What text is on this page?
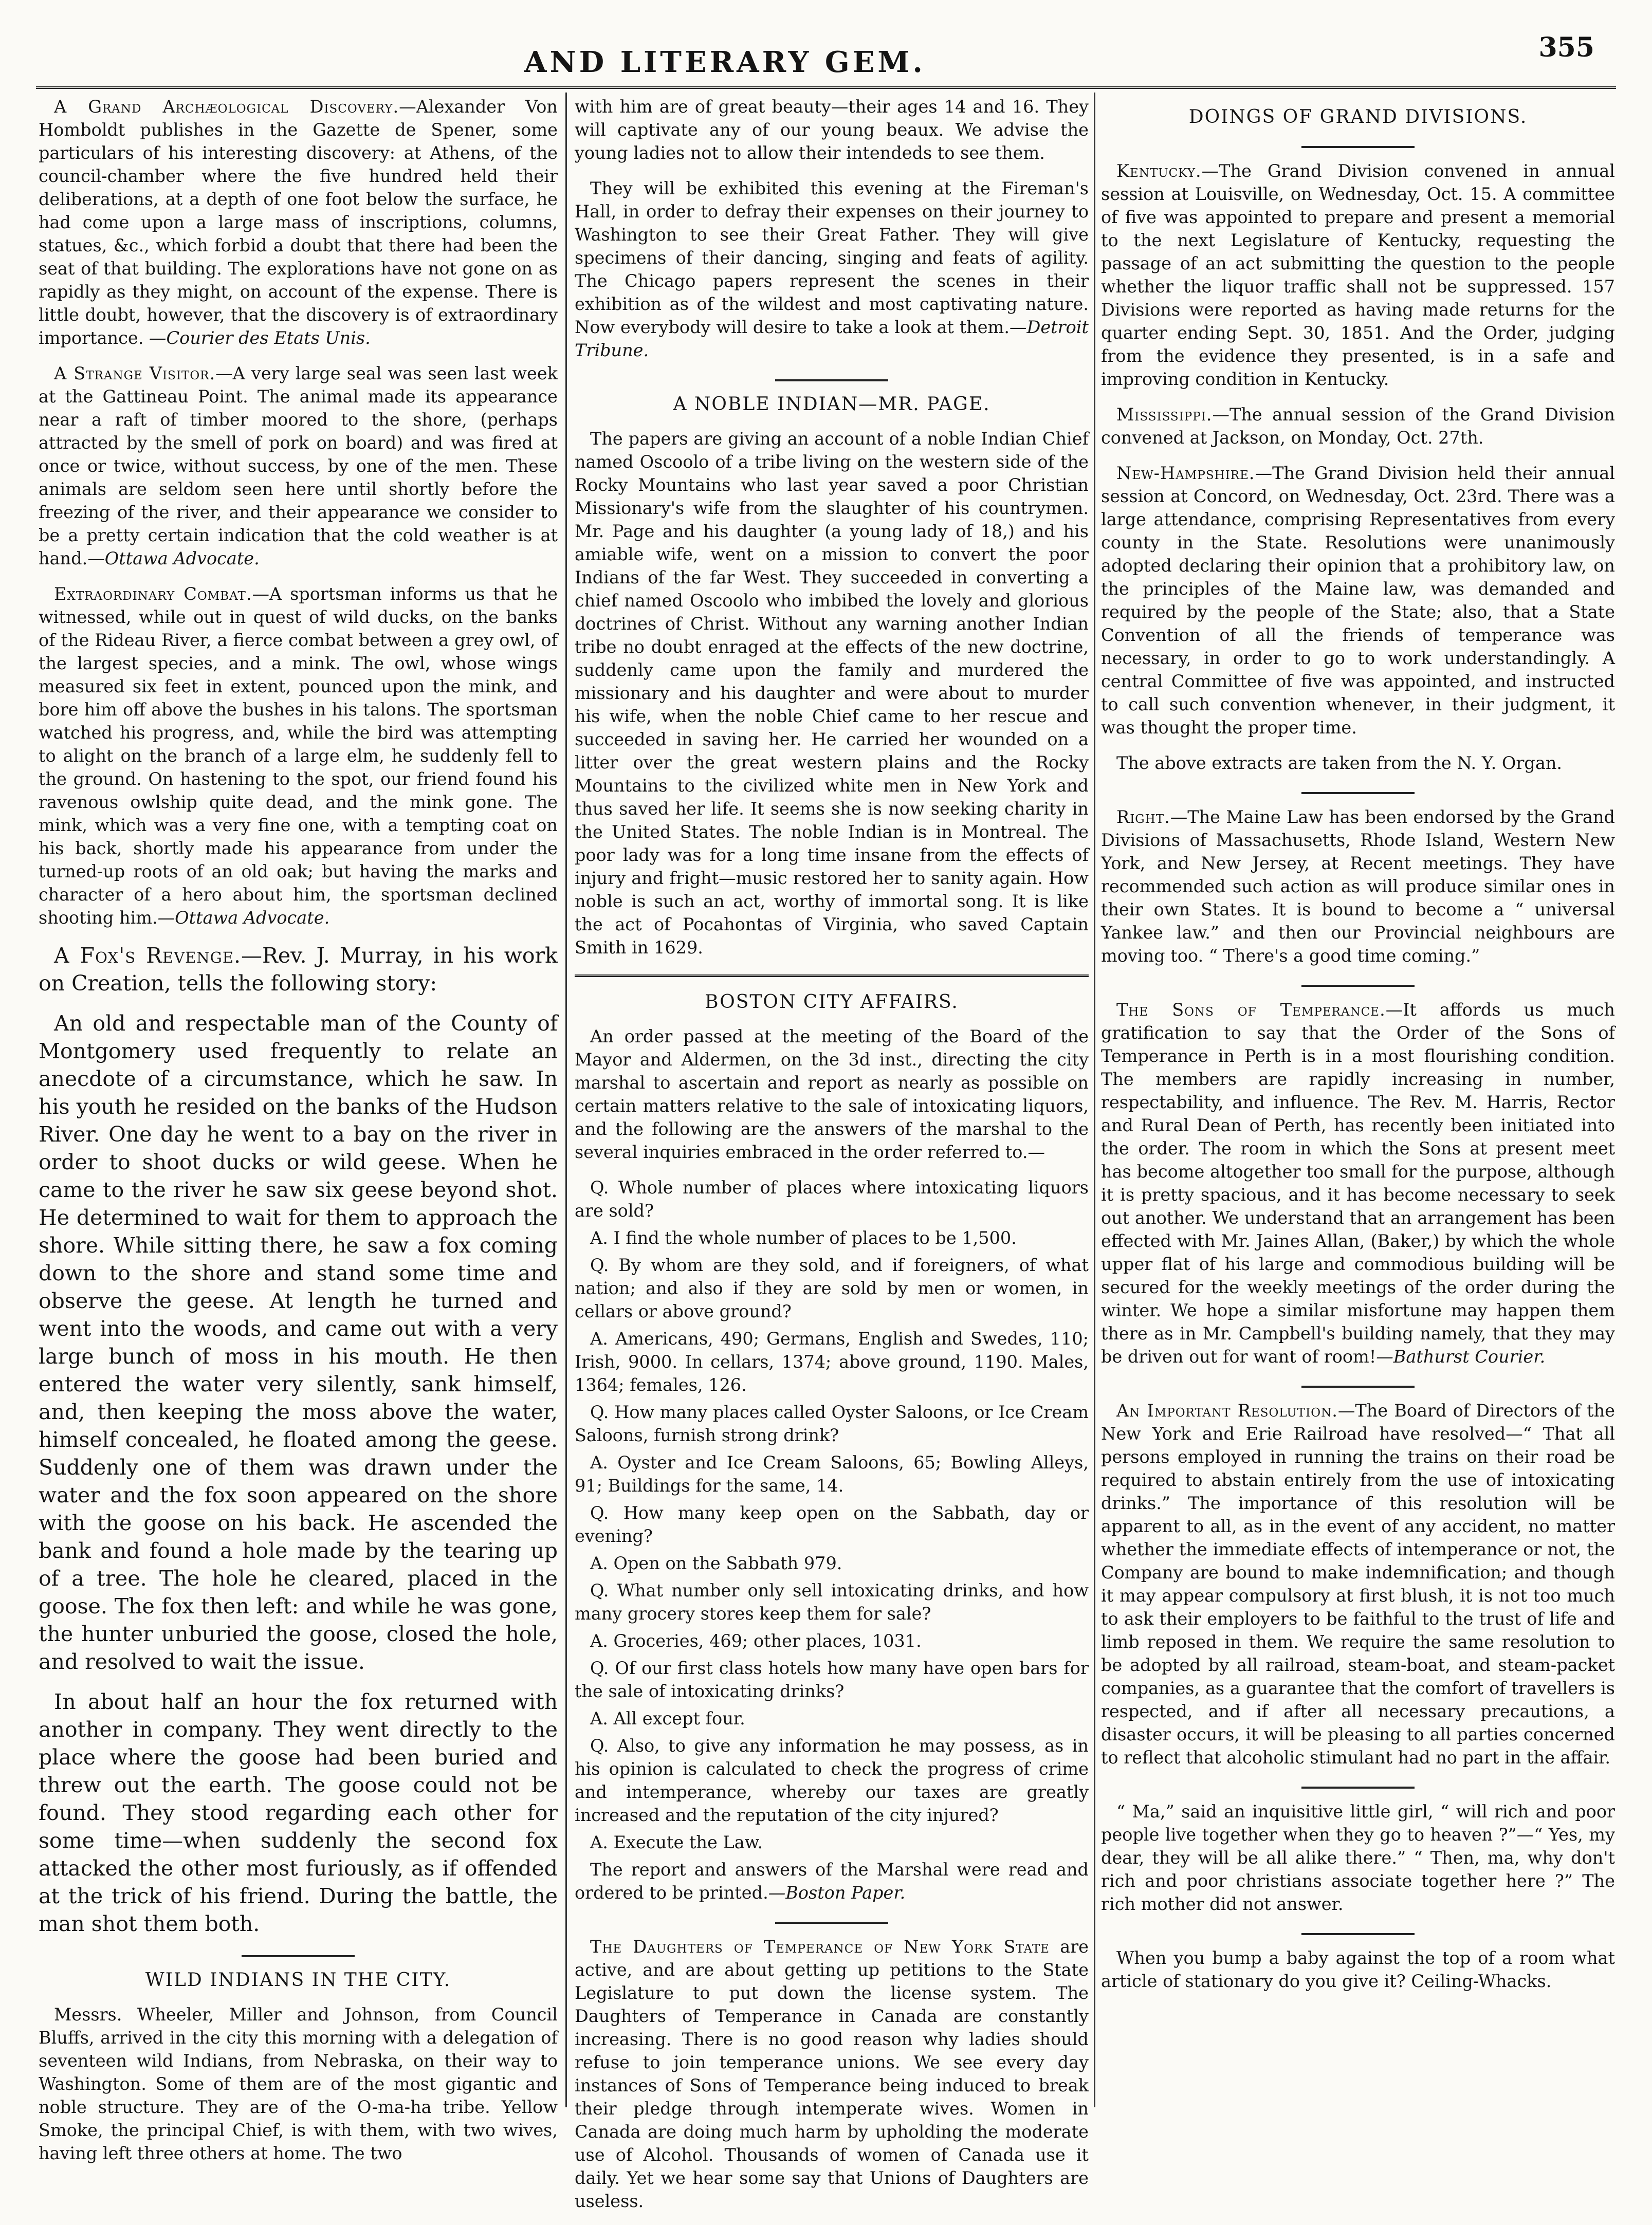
AND LITERARY GEM.	355

A Grand Archæological Discovery.—Alexander Von Homboldt publishes in the Gazette de Spener, some particulars of his interesting discovery: at Athens, of the council-chamber where the five hundred held their deliberations, at a depth of one foot below the surface, he had come upon a large mass of inscriptions, columns, statues, &c., which forbid a doubt that there had been the seat of that building. The explorations have not gone on as rapidly as they might, on account of the expense. There is little doubt, however, that the discovery is of extraordinary importance. —Courier des Etats Unis.

A Strange Visitor.—A very large seal was seen last week at the Gattineau Point. The animal made its appearance near a raft of timber moored to the shore, (perhaps attracted by the smell of pork on board) and was fired at once or twice, without success, by one of the men. These animals are seldom seen here until shortly before the freezing of the river, and their appearance we consider to be a pretty certain indication that the cold weather is at hand.—Ottawa Advocate.

Extraordinary Combat.—A sportsman informs us that he witnessed, while out in quest of wild ducks, on the banks of the Rideau River, a fierce combat between a grey owl, of the largest species, and a mink. The owl, whose wings measured six feet in extent, pounced upon the mink, and bore him off above the bushes in his talons. The sportsman watched his progress, and, while the bird was attempting to alight on the branch of a large elm, he suddenly fell to the ground. On hastening to the spot, our friend found his ravenous owlship quite dead, and the mink gone. The mink, which was a very fine one, with a tempting coat on his back, shortly made his appearance from under the turned-up roots of an old oak; but having the marks and character of a hero about him, the sportsman declined shooting him.—Ottawa Advocate.

A Fox's Revenge.—Rev. J. Murray, in his work on Creation, tells the following story:

An old and respectable man of the County of Montgomery used frequently to relate an anecdote of a circumstance, which he saw. In his youth he resided on the banks of the Hudson River. One day he went to a bay on the river in order to shoot ducks or wild geese. When he came to the river he saw six geese beyond shot. He determined to wait for them to approach the shore. While sitting there, he saw a fox coming down to the shore and stand some time and observe the geese. At length he turned and went into the woods, and came out with a very large bunch of moss in his mouth. He then entered the water very silently, sank himself, and, then keeping the moss above the water, himself concealed, he floated among the geese. Suddenly one of them was drawn under the water and the fox soon appeared on the shore with the goose on his back. He ascended the bank and found a hole made by the tearing up of a tree. The hole he cleared, placed in the goose. The fox then left: and while he was gone, the hunter unburied the goose, closed the hole, and resolved to wait the issue.

In about half an hour the fox returned with another in company. They went directly to the place where the goose had been buried and threw out the earth. The goose could not be found. They stood regarding each other for some time—when suddenly the second fox attacked the other most furiously, as if offended at the trick of his friend. During the battle, the man shot them both.

WILD INDIANS IN THE CITY.

Messrs. Wheeler, Miller and Johnson, from Council Bluffs, arrived in the city this morning with a delegation of seventeen wild Indians, from Nebraska, on their way to Washington. Some of them are of the most gigantic and noble structure. They are of the O-ma-ha tribe. Yellow Smoke, the principal Chief, is with them, with two wives, having left three others at home. The two

with him are of great beauty—their ages 14 and 16. They will captivate any of our young beaux. We advise the young ladies not to allow their intendeds to see them.

They will be exhibited this evening at the Fireman's Hall, in order to defray their expenses on their journey to Washington to see their Great Father. They will give specimens of their dancing, singing and feats of agility. The Chicago papers represent the scenes in their exhibition as of the wildest and most captivating nature. Now everybody will desire to take a look at them.—Detroit Tribune.

A NOBLE INDIAN—MR. PAGE.

The papers are giving an account of a noble Indian Chief named Oscoolo of a tribe living on the western side of the Rocky Mountains who last year saved a poor Christian Missionary's wife from the slaughter of his countrymen. Mr. Page and his daughter (a young lady of 18,) and his amiable wife, went on a mission to convert the poor Indians of the far West. They succeeded in converting a chief named Oscoolo who imbibed the lovely and glorious doctrines of Christ. Without any warning another Indian tribe no doubt enraged at the effects of the new doctrine, suddenly came upon the family and murdered the missionary and his daughter and were about to murder his wife, when the noble Chief came to her rescue and succeeded in saving her. He carried her wounded on a litter over the great western plains and the Rocky Mountains to the civilized white men in New York and thus saved her life. It seems she is now seeking charity in the United States. The noble Indian is in Montreal. The poor lady was for a long time insane from the effects of injury and fright—music restored her to sanity again. How noble is such an act, worthy of immortal song. It is like the act of Pocahontas of Virginia, who saved Captain Smith in 1629.

BOSTON CITY AFFAIRS.

An order passed at the meeting of the Board of the Mayor and Aldermen, on the 3d inst., directing the city marshal to ascertain and report as nearly as possible on certain matters relative to the sale of intoxicating liquors, and the following are the answers of the marshal to the several inquiries embraced in the order referred to.—

Q. Whole number of places where intoxicating liquors are sold?

A. I find the whole number of places to be 1,500.

Q. By whom are they sold, and if foreigners, of what nation; and also if they are sold by men or women, in cellars or above ground?

A. Americans, 490; Germans, English and Swedes, 110; Irish, 9000. In cellars, 1374; above ground, 1190. Males, 1364; females, 126.

Q. How many places called Oyster Saloons, or Ice Cream Saloons, furnish strong drink?

A. Oyster and Ice Cream Saloons, 65; Bowling Alleys, 91; Buildings for the same, 14.

Q. How many keep open on the Sabbath, day or evening?

A. Open on the Sabbath 979.

Q. What number only sell intoxicating drinks, and how many grocery stores keep them for sale?

A. Groceries, 469; other places, 1031.

Q. Of our first class hotels how many have open bars for the sale of intoxicating drinks?

A. All except four.

Q. Also, to give any information he may possess, as in his opinion is calculated to check the progress of crime and intemperance, whereby our taxes are greatly increased and the reputation of the city injured?

A. Execute the Law.

The report and answers of the Marshal were read and ordered to be printed.—Boston Paper.

The Daughters of Temperance of New York State are active, and are about getting up petitions to the State Legislature to put down the license system. The Daughters of Temperance in Canada are constantly increasing. There is no good reason why ladies should refuse to join temperance unions. We see every day instances of Sons of Temperance being induced to break their pledge through intemperate wives. Women in Canada are doing much harm by upholding the moderate use of Alcohol. Thousands of women of Canada use it daily. Yet we hear some say that Unions of Daughters are useless.

DOINGS OF GRAND DIVISIONS.

Kentucky.—The Grand Division convened in annual session at Louisville, on Wednesday, Oct. 15. A committee of five was appointed to prepare and present a memorial to the next Legislature of Kentucky, requesting the passage of an act submitting the question to the people whether the liquor traffic shall not be suppressed. 157 Divisions were reported as having made returns for the quarter ending Sept. 30, 1851. And the Order, judging from the evidence they presented, is in a safe and improving condition in Kentucky.

Mississippi.—The annual session of the Grand Division convened at Jackson, on Monday, Oct. 27th.

New-Hampshire.—The Grand Division held their annual session at Concord, on Wednesday, Oct. 23rd. There was a large attendance, comprising Representatives from every county in the State. Resolutions were unanimously adopted declaring their opinion that a prohibitory law, on the principles of the Maine law, was demanded and required by the people of the State; also, that a State Convention of all the friends of temperance was necessary, in order to go to work understandingly. A central Committee of five was appointed, and instructed to call such convention whenever, in their judgment, it was thought the proper time.

The above extracts are taken from the N. Y. Organ.

Right.—The Maine Law has been endorsed by the Grand Divisions of Massachusetts, Rhode Island, Western New York, and New Jersey, at Recent meetings. They have recommended such action as will produce similar ones in their own States. It is bound to become a “ universal Yankee law.” and then our Provincial neighbours are moving too. “ There's a good time coming.”

The Sons of Temperance.—It affords us much gratification to say that the Order of the Sons of Temperance in Perth is in a most flourishing condition. The members are rapidly increasing in number, respectability, and influence. The Rev. M. Harris, Rector and Rural Dean of Perth, has recently been initiated into the order. The room in which the Sons at present meet has become altogether too small for the purpose, although it is pretty spacious, and it has become necessary to seek out another. We understand that an arrangement has been effected with Mr. Jaines Allan, (Baker,) by which the whole upper flat of his large and commodious building will be secured for the weekly meetings of the order during the winter. We hope a similar misfortune may happen them there as in Mr. Campbell's building namely, that they may be driven out for want of room!—Bathurst Courier.

An Important Resolution.—The Board of Directors of the New York and Erie Railroad have resolved—“ That all persons employed in running the trains on their road be required to abstain entirely from the use of intoxicating drinks.” The importance of this resolution will be apparent to all, as in the event of any accident, no matter whether the immediate effects of intemperance or not, the Company are bound to make indemnification; and though it may appear compulsory at first blush, it is not too much to ask their employers to be faithful to the trust of life and limb reposed in them. We require the same resolution to be adopted by all railroad, steam-boat, and steam-packet companies, as a guarantee that the comfort of travellers is respected, and if after all necessary precautions, a disaster occurs, it will be pleasing to all parties concerned to reflect that alcoholic stimulant had no part in the affair.

“ Ma,” said an inquisitive little girl, “ will rich and poor people live together when they go to heaven ?”—“ Yes, my dear, they will be all alike there.” “ Then, ma, why don't rich and poor christians associate together here ?” The rich mother did not answer.

When you bump a baby against the top of a room what article of stationary do you give it? Ceiling-Whacks.
